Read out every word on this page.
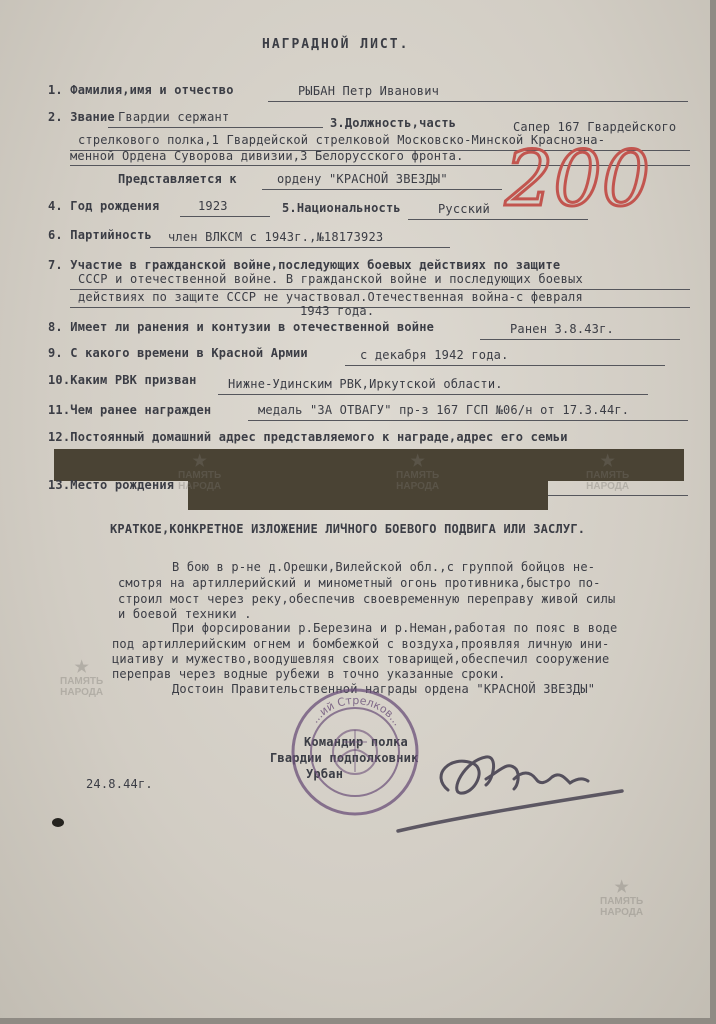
НАГРАДНОЙ ЛИСТ.
1. Фамилия,имя и отчество	РЫБАН Петр Иванович
2. Звание Гвардии сержант	3.Должность,часть	Сапер 167 Гвардейского
стрелкового полка,1 Гвардейской стрелковой Московско-Минской Краснозна-
менной Ордена Суворова дивизии,3 Белорусского фронта.
Представляется к	ордену "КРАСНОЙ ЗВЕЗДЫ"
4. Год рождения	1923	5.Национальность	Русский
6. Партийность член ВЛКСМ с 1943г.,№18173923
7. Участие в гражданской войне,последующих боевых действиях по защите
СССР и отечественной войне. В гражданской войне и последующих боевых
действиях по защите СССР не участвовал.Отечественная война-с февраля
1943 года.
8. Имеет ли ранения и контузии в отечественной войне	Ранен 3.8.43г.
9. С какого времени в Красной Армии	с декабря 1942 года.
10.Каким РВК призван	Нижне-Удинским РВК,Иркутской области.
11.Чем ранее награжден	медаль "ЗА ОТВАГУ" пр-з 167 ГСП №06/н от 17.3.44г.
12.Постоянный домашний адрес представляемого к награде,адрес его семьи
13.Место рождения
★
ПАМЯТЬ
НАРОДА
★
ПАМЯТЬ
НАРОДА
★
ПАМЯТЬ
НАРОДА
★
ПАМЯТЬ
НАРОДА
★
ПАМЯТЬ
НАРОДА
КРАТКОЕ,КОНКРЕТНОЕ ИЗЛОЖЕНИЕ ЛИЧНОГО БОЕВОГО ПОДВИГА ИЛИ ЗАСЛУГ.
В бою в р-не д.Орешки,Вилейской обл.,с группой бойцов не-
смотря на артиллерийский и минометный огонь противника,быстро по-
строил мост через реку,обеспечив своевременную переправу живой силы
и боевой техники .
При форсировании р.Березина и р.Неман,работая по пояс в воде
под артиллерийским огнем и бомбежкой с воздуха,проявляя личную ини-
циативу и мужество,воодушевляя своих товарищей,обеспечил сооружение
переправ через водные рубежи в точно указанные сроки.
Достоин Правительственной награды ордена "КРАСНОЙ ЗВЕЗДЫ"
Командир полка
Гвардии подполковник
Урбан
24.8.44г.
200
...ий Стрелков...
